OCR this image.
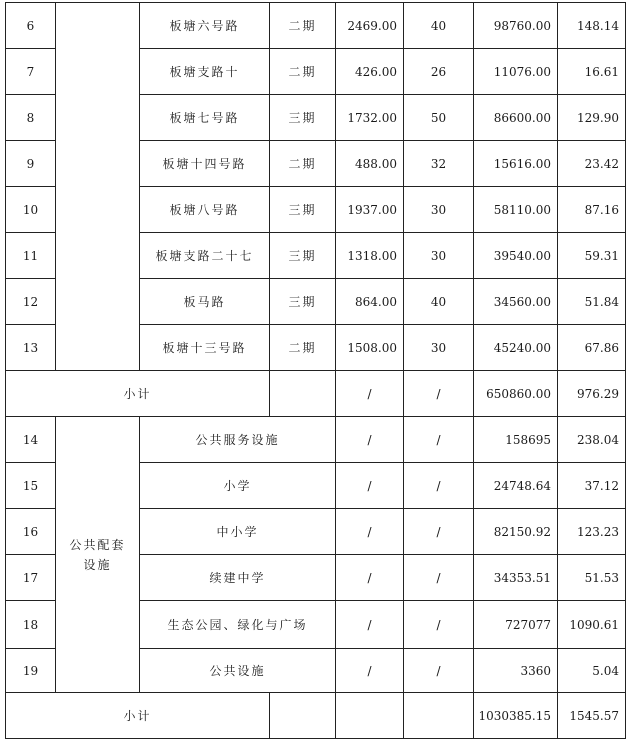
6		板塘六号路	二期	2469.00	40	98760.00	148.14
7		板塘支路十	二期	426.00	26	11076.00	16.61
8		板塘七号路	三期	1732.00	50	86600.00	129.90
9		板塘十四号路	二期	488.00	32	15616.00	23.42
10		板塘八号路	三期	1937.00	30	58110.00	87.16
11		板塘支路二十七	三期	1318.00	30	39540.00	59.31
12		板马路	三期	864.00	40	34560.00	51.84
13		板塘十三号路	二期	1508.00	30	45240.00	67.86
小计				/	/	650860.00	976.29
14	公共配套设施	公共服务设施		/	/	158695	238.04
15		小学		/	/	24748.64	37.12
16		中小学		/	/	82150.92	123.23
17		续建中学		/	/	34353.51	51.53
18		生态公园、绿化与广场		/	/	727077	1090.61
19		公共设施		/	/	3360	5.04
小计						1030385.15	1545.57
